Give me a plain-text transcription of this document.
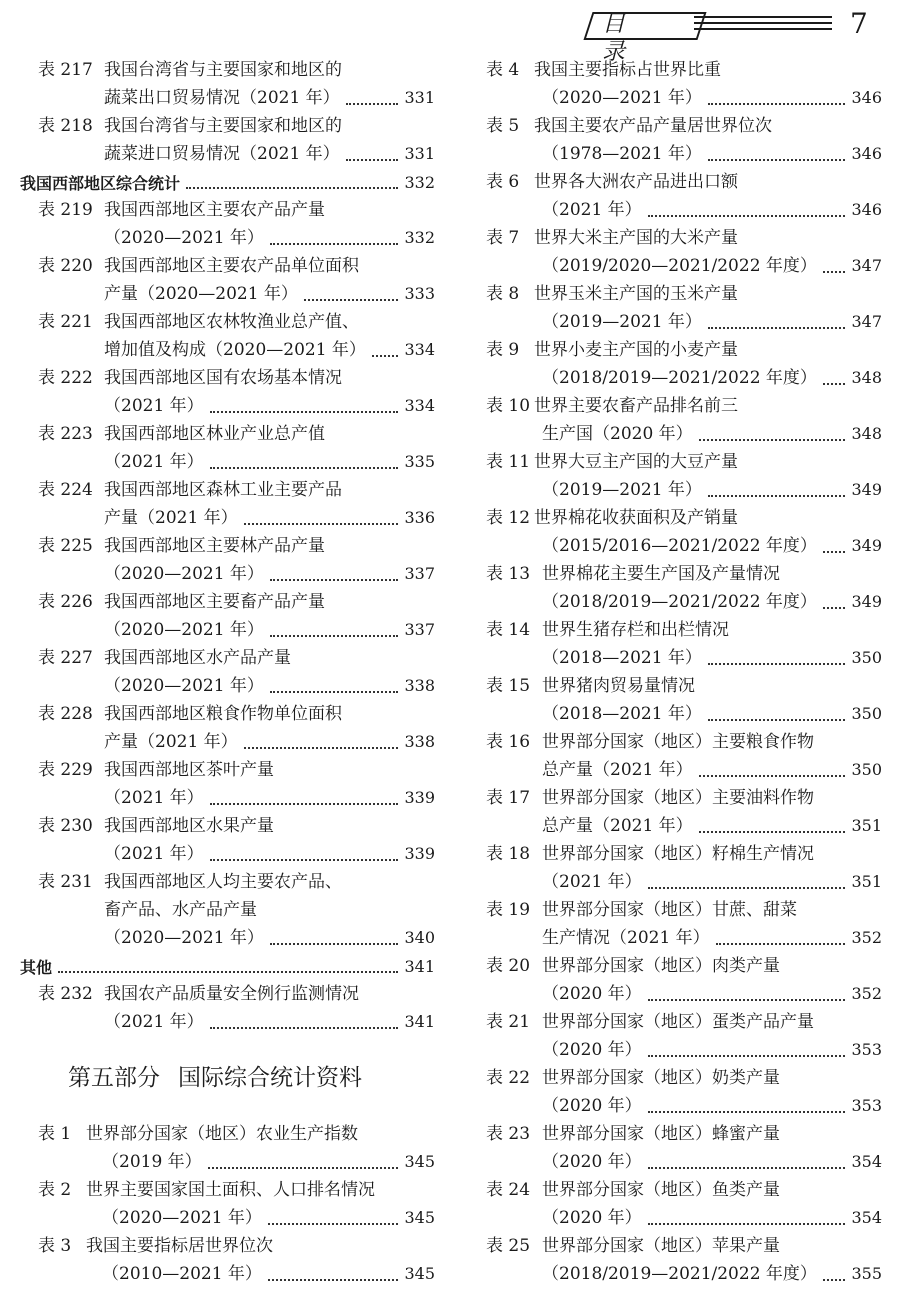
目　录
7
表 217 我国台湾省与主要国家和地区的
蔬菜出口贸易情况（2021 年）	331
表 218 我国台湾省与主要国家和地区的
蔬菜进口贸易情况（2021 年）	331
我国西部地区综合统计	332
表 219 我国西部地区主要农产品产量
（2020—2021 年）	332
表 220 我国西部地区主要农产品单位面积
产量（2020—2021 年）	333
表 221 我国西部地区农林牧渔业总产值、
增加值及构成（2020—2021 年） 334
表 222 我国西部地区国有农场基本情况
（2021 年）	334
表 223 我国西部地区林业产业总产值
（2021 年）	335
表 224 我国西部地区森林工业主要产品
产量（2021 年）	336
表 225 我国西部地区主要林产品产量
（2020—2021 年）	337
表 226 我国西部地区主要畜产品产量
（2020—2021 年）	337
表 227 我国西部地区水产品产量
（2020—2021 年）	338
表 228 我国西部地区粮食作物单位面积
产量（2021 年）	338
表 229 我国西部地区茶叶产量
（2021 年）	339
表 230 我国西部地区水果产量
（2021 年）	339
表 231 我国西部地区人均主要农产品、
畜产品、水产品产量
（2020—2021 年）	340
其他	341
表 232 我国农产品质量安全例行监测情况
（2021 年）	341
第五部分 国际综合统计资料
表 1 世界部分国家（地区）农业生产指数
（2019 年）	345
表 2 世界主要国家国土面积、人口排名情况
（2020—2021 年）	345
表 3 我国主要指标居世界位次
（2010—2021 年）	345
表 4 我国主要指标占世界比重
（2020—2021 年）	346
表 5 我国主要农产品产量居世界位次
（1978—2021 年）	346
表 6 世界各大洲农产品进出口额
（2021 年）	346
表 7 世界大米主产国的大米产量
（2019/2020—2021/2022 年度） 347
表 8 世界玉米主产国的玉米产量
（2019—2021 年）	347
表 9 世界小麦主产国的小麦产量
（2018/2019—2021/2022 年度） 348
表 10 世界主要农畜产品排名前三
生产国（2020 年）	348
表 11 世界大豆主产国的大豆产量
（2019—2021 年）	349
表 12 世界棉花收获面积及产销量
（2015/2016—2021/2022 年度） 349
表 13 世界棉花主要生产国及产量情况
（2018/2019—2021/2022 年度） 349
表 14 世界生猪存栏和出栏情况
（2018—2021 年）	350
表 15 世界猪肉贸易量情况
（2018—2021 年）	350
表 16 世界部分国家（地区）主要粮食作物
总产量（2021 年）	350
表 17 世界部分国家（地区）主要油料作物
总产量（2021 年）	351
表 18 世界部分国家（地区）籽棉生产情况
（2021 年）	351
表 19 世界部分国家（地区）甘蔗、甜菜
生产情况（2021 年）	352
表 20 世界部分国家（地区）肉类产量
（2020 年）	352
表 21 世界部分国家（地区）蛋类产品产量
（2020 年）	353
表 22 世界部分国家（地区）奶类产量
（2020 年）	353
表 23 世界部分国家（地区）蜂蜜产量
（2020 年）	354
表 24 世界部分国家（地区）鱼类产量
（2020 年）	354
表 25 世界部分国家（地区）苹果产量
（2018/2019—2021/2022 年度） 355
